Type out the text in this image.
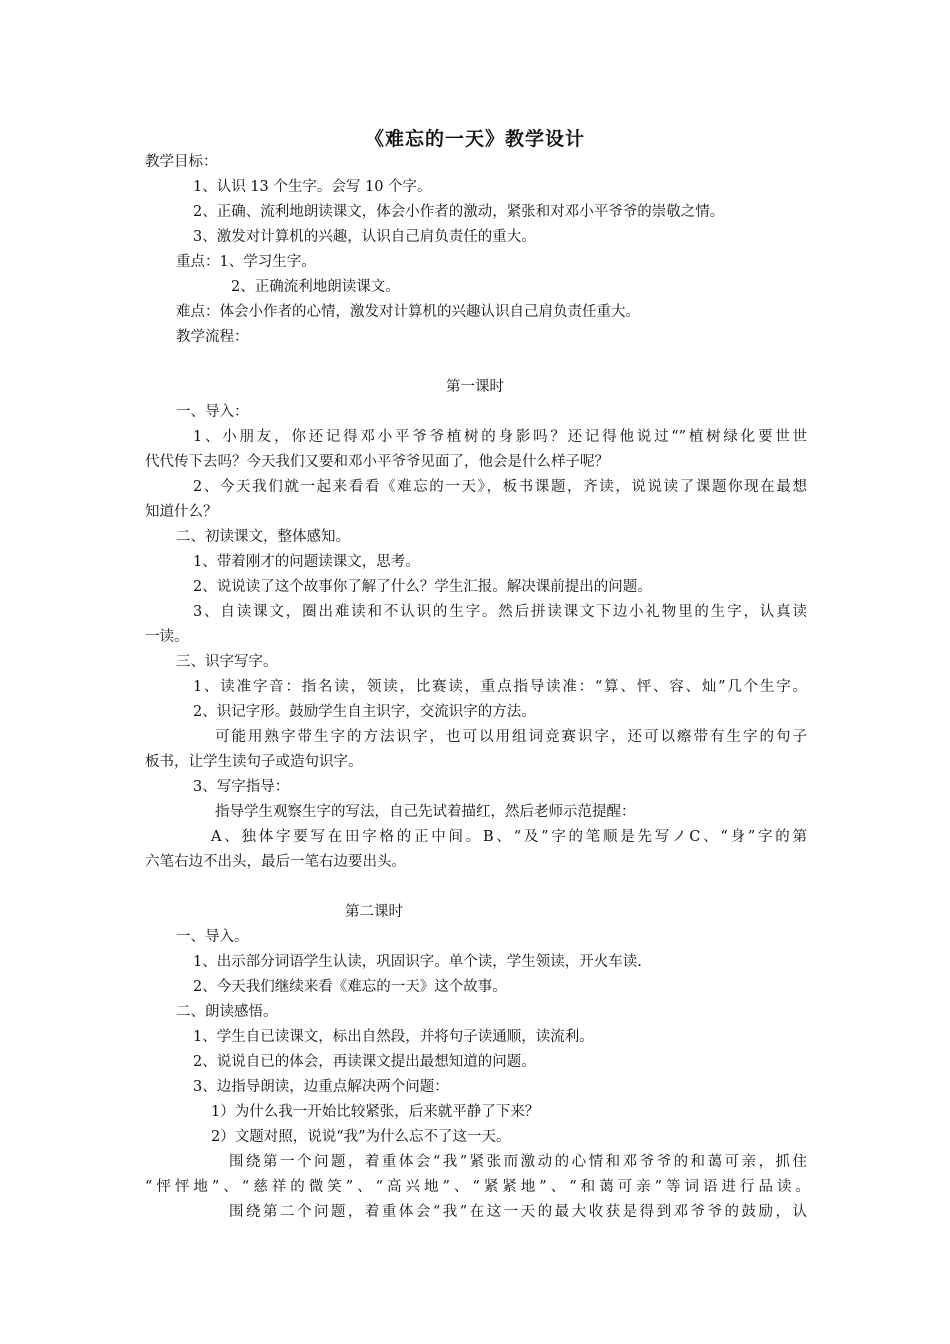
《难忘的一天》教学设计
教学目标：
1、认识 13 个生字。会写 10 个字。
2、正确、流利地朗读课文，体会小作者的激动，紧张和对邓小平爷爷的崇敬之情。
3、激发对计算机的兴趣，认识自己肩负责任的重大。
重点：1、学习生字。
2、正确流利地朗读课文。
难点：体会小作者的心情，激发对计算机的兴趣认识自己肩负责任重大。
教学流程：
第一课时
一、导入：
1、小朋友，你还记得邓小平爷爷植树的身影吗？还记得他说过“”植树绿化要世世
代代传下去吗？今天我们又要和邓小平爷爷见面了，他会是什么样子呢？
2、今天我们就一起来看看《难忘的一天》，板书课题，齐读，说说读了课题你现在最想
知道什么？
二、初读课文，整体感知。
1、带着刚才的问题读课文，思考。
2、说说读了这个故事你了解了什么？学生汇报。解决课前提出的问题。
3、自读课文，圈出难读和不认识的生字。然后拼读课文下边小礼物里的生字，认真读
一读。
三、识字写字。
1、读准字音：指名读，领读，比赛读，重点指导读准：“算、怦、容、灿”几个生字。
2、识记字形。鼓励学生自主识字，交流识字的方法。
可能用熟字带生字的方法识字，也可以用组词竞赛识字，还可以瘵带有生字的句子
板书，让学生读句子或造句识字。
3、写字指导：
指导学生观察生字的写法，自己先试着描红，然后老师示范提醒：
A、独体字要写在田字格的正中间。B、“及”字的笔顺是先写ノC、“身”字的第
六笔右边不出头，最后一笔右边要出头。
第二课时
一、导入。
1、出示部分词语学生认读，巩固识字。单个读，学生领读，开火车读.
2、今天我们继续来看《难忘的一天》这个故事。
二、朗读感悟。
1、学生自已读课文，标出自然段，并将句子读通顺，读流利。
2、说说自已的体会，再读课文提出最想知道的问题。
3、边指导朗读，边重点解决两个问题：
1）为什么我一开始比较紧张，后来就平静了下来？
2）文题对照，说说“我”为什么忘不了这一天。
围绕第一个问题，着重体会“我”紧张而激动的心情和邓爷爷的和蔼可亲，抓住
“怦怦地”、“慈祥的微笑”、“高兴地”、“紧紧地”、“和蔼可亲”等词语进行品读。
围绕第二个问题，着重体会“我”在这一天的最大收获是得到邓爷爷的鼓励，认
